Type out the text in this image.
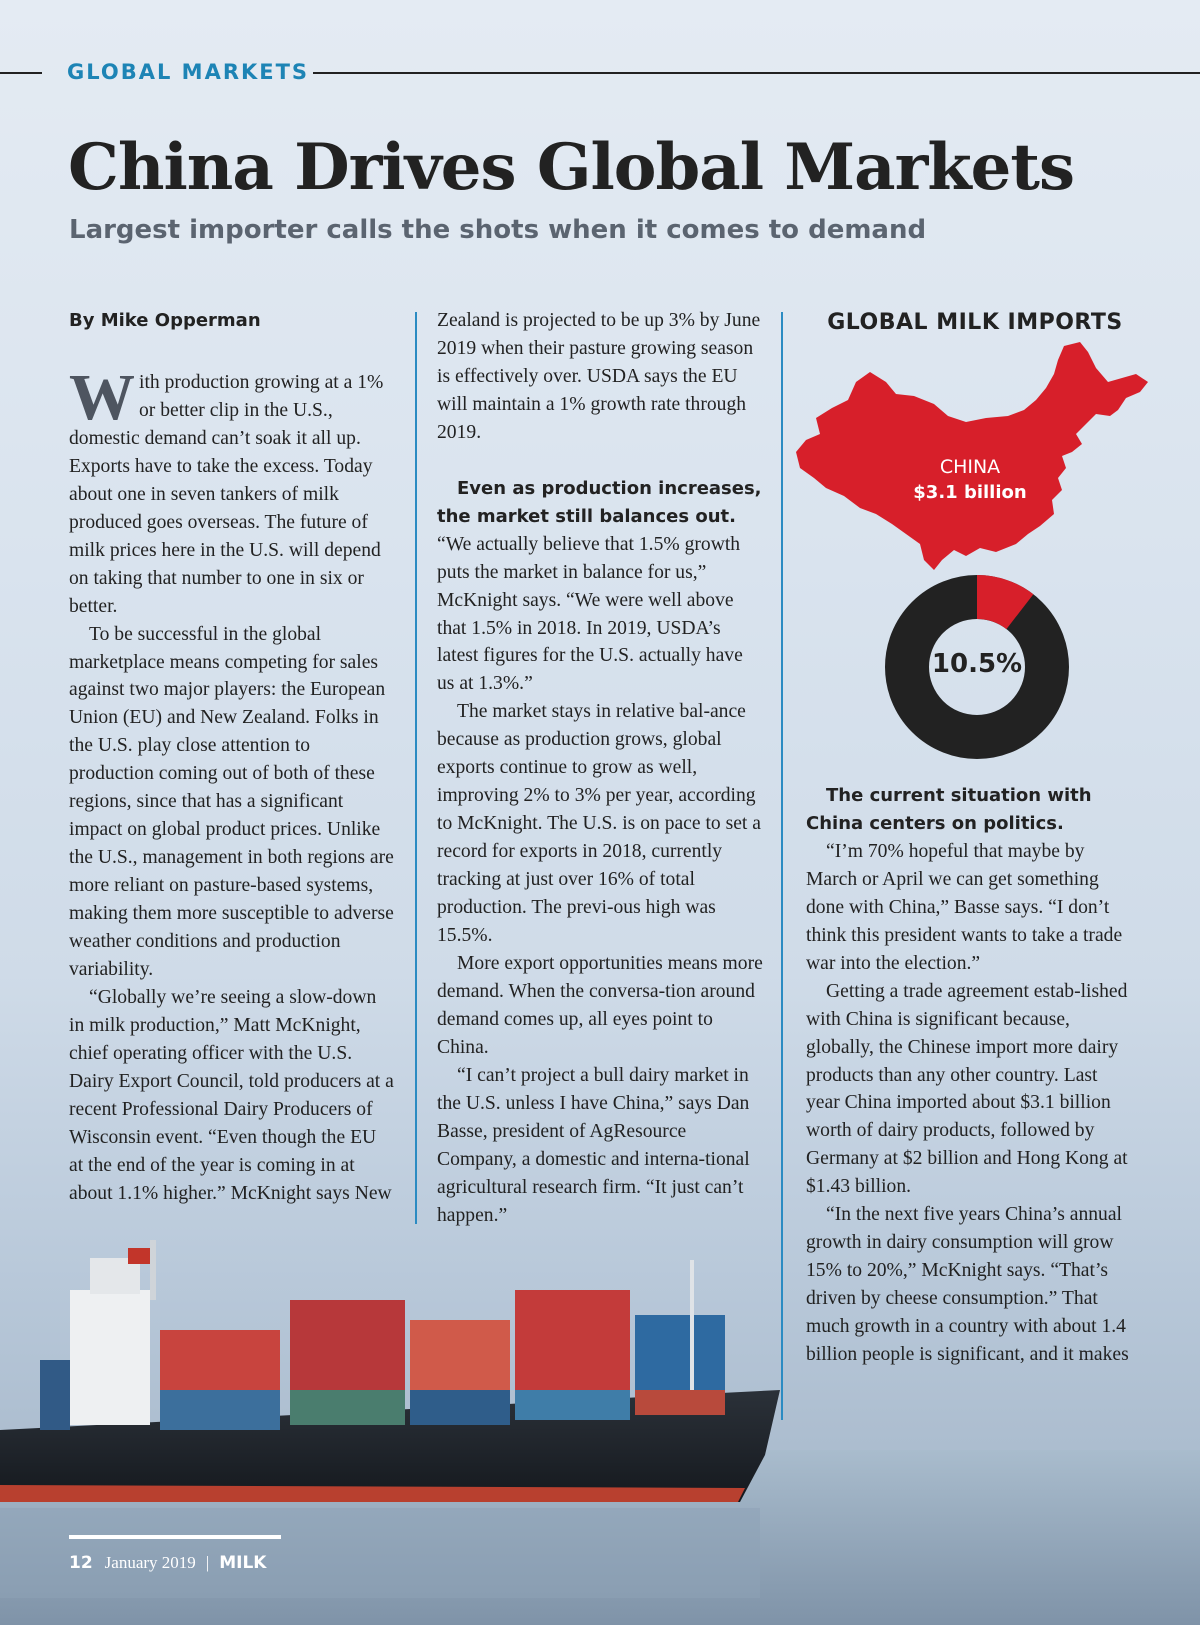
GLOBAL MARKETS
China Drives Global Markets
Largest importer calls the shots when it comes to demand

By Mike Opperman

With production growing at a 1% or better clip in the U.S., domestic demand can’t soak it all up. Exports have to take the excess. Today about one in seven tankers of milk produced goes overseas. The future of milk prices here in the U.S. will depend on taking that number to one in six or better.

To be successful in the global marketplace means competing for sales against two major players: the European Union (EU) and New Zealand. Folks in the U.S. play close attention to production coming out of both of these regions, since that has a significant impact on global product prices. Unlike the U.S., management in both regions are more reliant on pasture-based systems, making them more susceptible to adverse weather conditions and production variability.

“Globally we’re seeing a slow-down in milk production,” Matt McKnight, chief operating officer with the U.S. Dairy Export Council, told producers at a recent Professional Dairy Producers of Wisconsin event. “Even though the EU at the end of the year is coming in at about 1.1% higher.” McKnight says New

Zealand is projected to be up 3% by June 2019 when their pasture growing season is effectively over. USDA says the EU will maintain a 1% growth rate through 2019.

Even as production increases, the market still balances out. “We actually believe that 1.5% growth puts the market in balance for us,” McKnight says. “We were well above that 1.5% in 2018. In 2019, USDA’s latest figures for the U.S. actually have us at 1.3%.”

The market stays in relative bal-ance because as production grows, global exports continue to grow as well, improving 2% to 3% per year, according to McKnight. The U.S. is on pace to set a record for exports in 2018, currently tracking at just over 16% of total production. The previ-ous high was 15.5%.

More export opportunities means more demand. When the conversa-tion around demand comes up, all eyes point to China.

“I can’t project a bull dairy market in the U.S. unless I have China,” says Dan Basse, president of AgResource Company, a domestic and interna-tional agricultural research firm. “It just can’t happen.”

GLOBAL MILK IMPORTS
CHINA
$3.1 billion
10.5%

The current situation with China centers on politics.

“I’m 70% hopeful that maybe by March or April we can get something done with China,” Basse says. “I don’t think this president wants to take a trade war into the election.”

Getting a trade agreement estab-lished with China is significant because, globally, the Chinese import more dairy products than any other country. Last year China imported about $3.1 billion worth of dairy products, followed by Germany at $2 billion and Hong Kong at $1.43 billion.

“In the next five years China’s annual growth in dairy consumption will grow 15% to 20%,” McKnight says. “That’s driven by cheese consumption.” That much growth in a country with about 1.4 billion people is significant, and it makes

12 January 2019 | MILK
